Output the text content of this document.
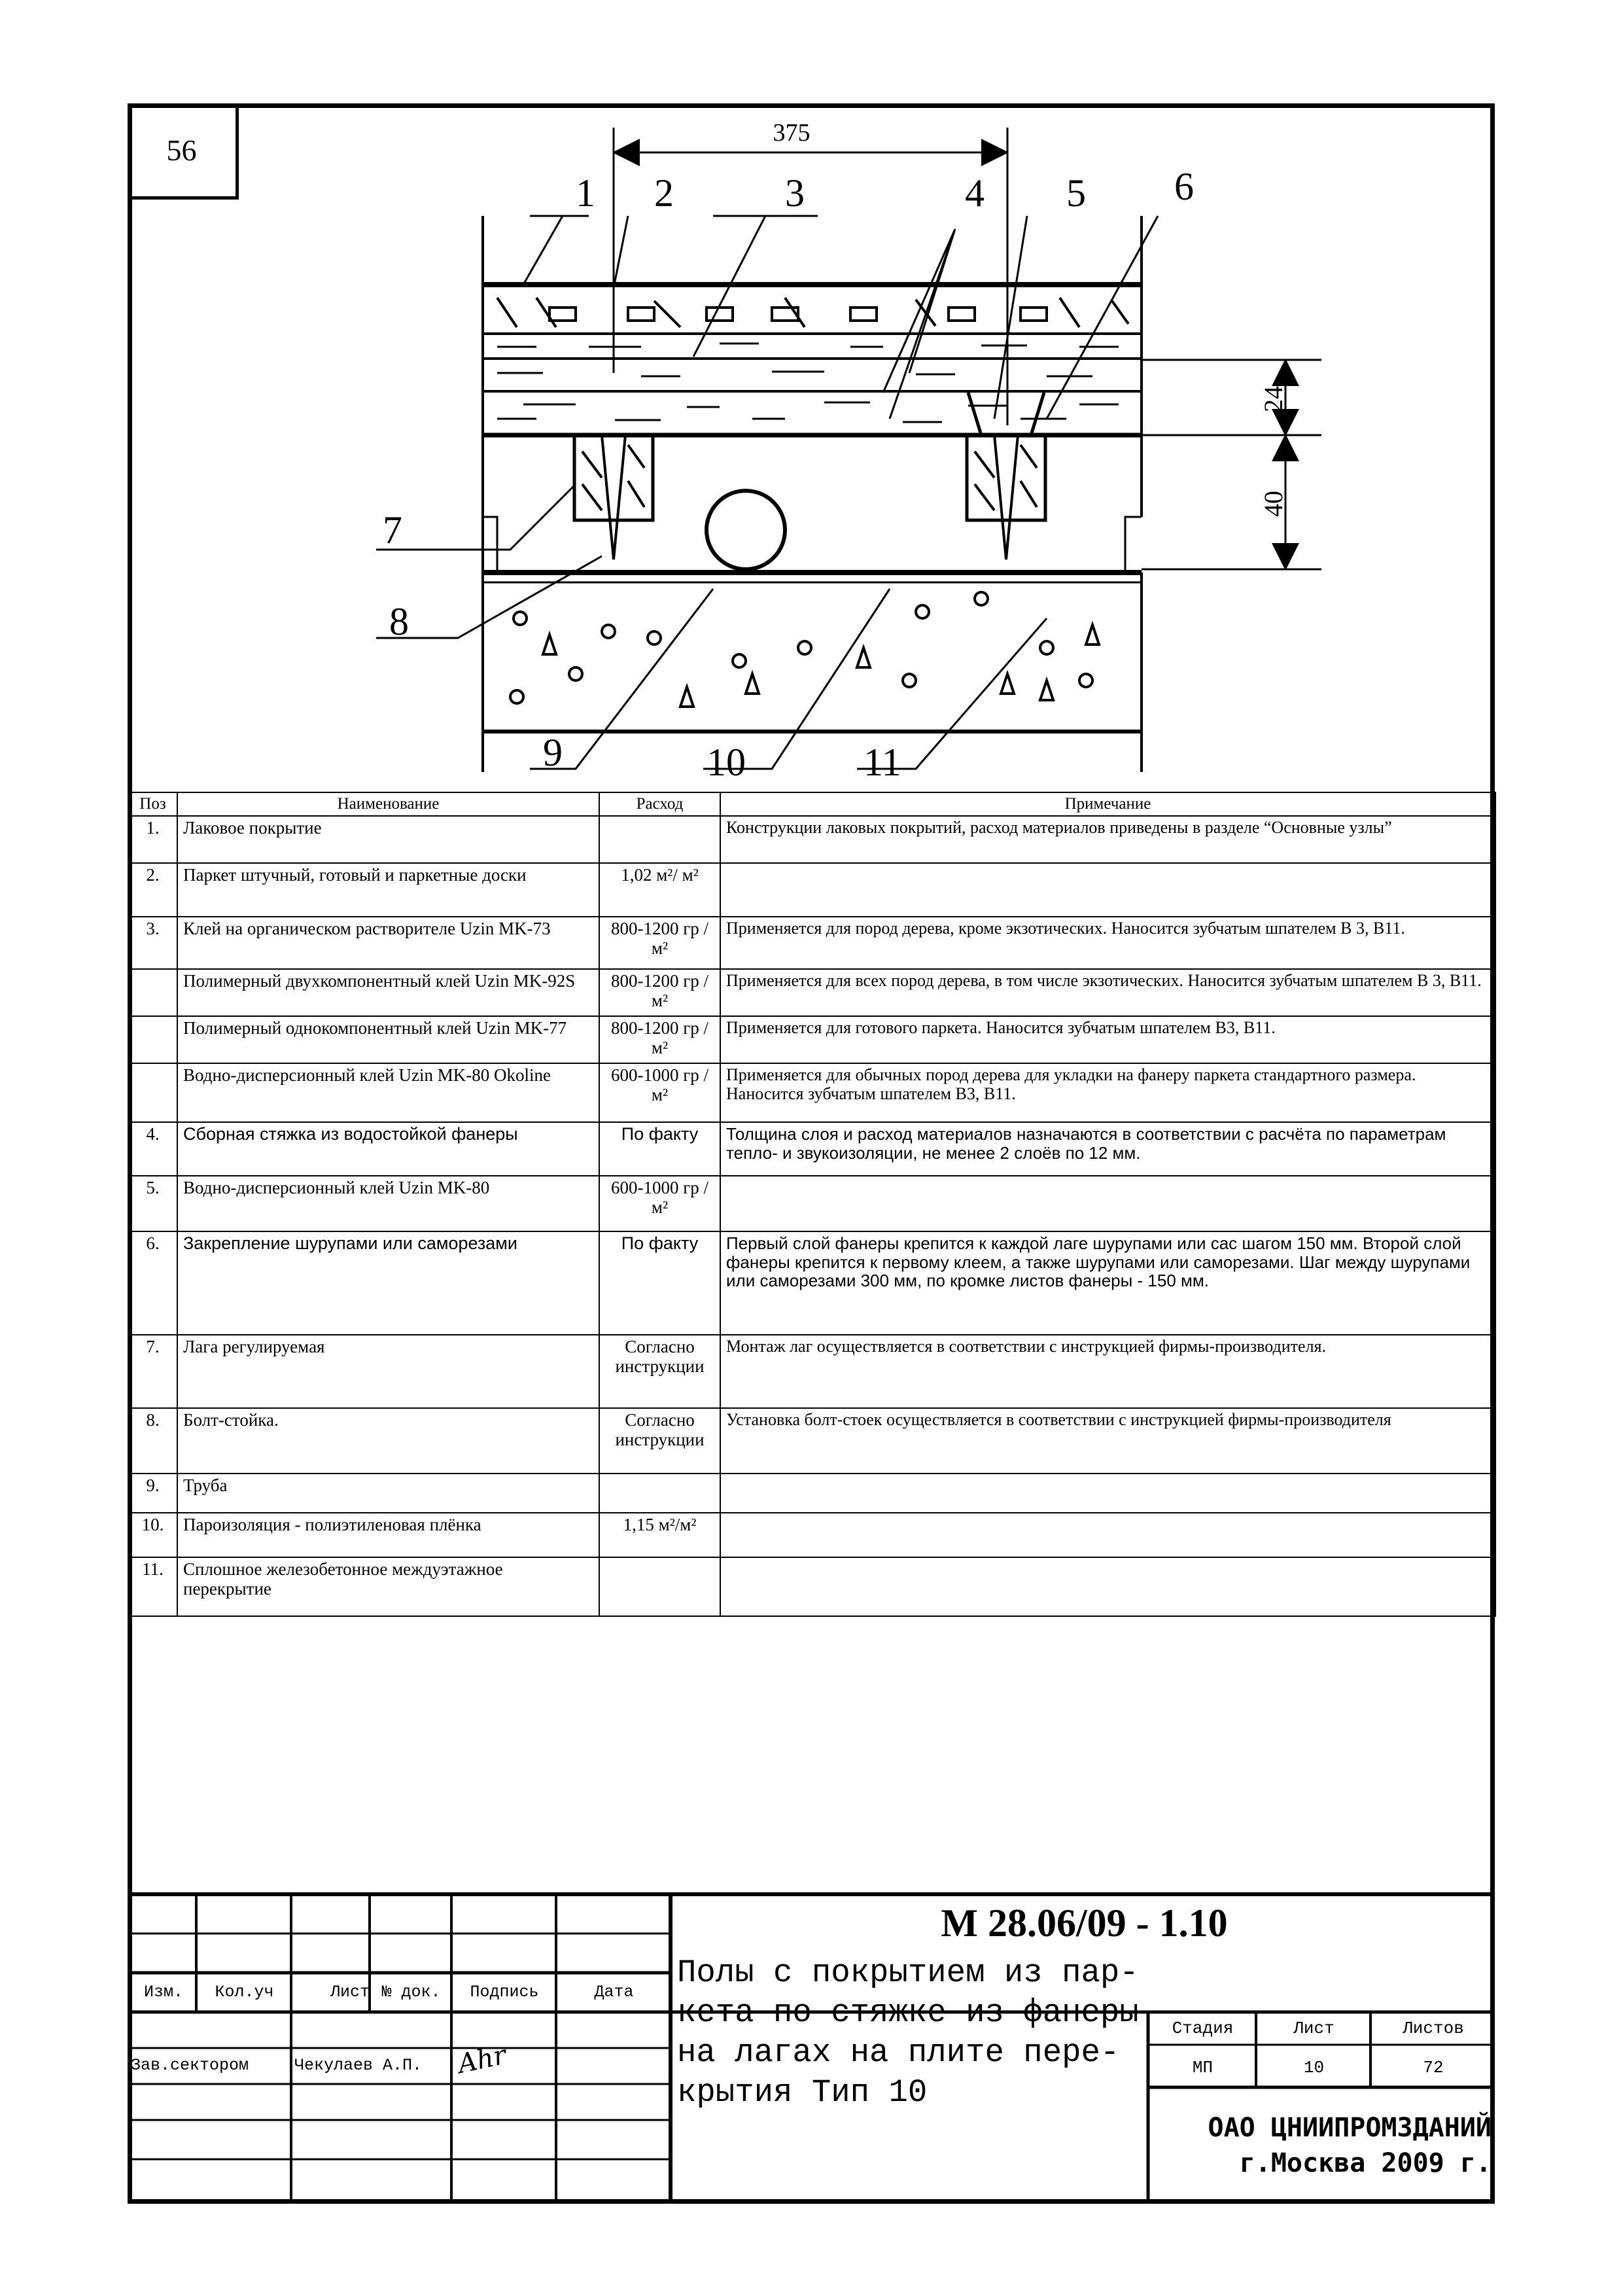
56
375
24
40
1 2	3	4 5 6
7
8
9	10	11
Поз	Наименование	Расход	Примечание
1.	Лаковое покрытие		Конструкции лаковых покрытий, расход материалов приведены в разделе “Основные узлы”
2.	Паркет штучный, готовый и паркетные доски	1,02 м²/ м²	
3.	Клей на органическом растворителе Uzin MK-73	800-1200 гр / м²	Применяется для пород дерева, кроме экзотических. Наносится зубчатым шпателем В 3, В11.
	Полимерный двухкомпонентный клей Uzin MK-92S	800-1200 гр / м²	Применяется для всех пород дерева, в том числе экзотических. Наносится зубчатым шпателем В 3, В11.
	Полимерный однокомпонентный клей Uzin MK-77	800-1200 гр / м²	Применяется для готового паркета. Наносится зубчатым шпателем В3, В11.
	Водно-дисперсионный клей Uzin MK-80 Okoline	600-1000 гр / м²	Применяется для обычных пород дерева для укладки на фанеру паркета стандартного размера. Наносится зубчатым шпателем В3, В11.
4.	Сборная стяжка из водостойкой фанеры	По факту	Толщина слоя и расход материалов назначаются в соответствии с расчёта по параметрам тепло- и звукоизоляции, не менее 2 слоёв по 12 мм.
5.	Водно-дисперсионный клей Uzin MK-80	600-1000 гр / м²	
6.	Закрепление шурупами или саморезами	По факту	Первый слой фанеры крепится к каждой лаге шурупами или сас шагом 150 мм. Второй слой фанеры крепится к первому клеем, а также шурупами или саморезами. Шаг между шурупами или саморезами 300 мм, по кромке листов фанеры - 150 мм.
7.	Лага регулируемая	Согласно инструкции	Монтаж лаг осуществляется в соответствии с инструкцией фирмы-производителя.
8.	Болт-стойка.	Согласно инструкции	Установка болт-стоек осуществляется в соответствии с инструкцией фирмы-производителя
9.	Труба		
10.	Пароизоляция - полиэтиленовая плёнка	1,15 м²/м²	
11.	Сплошное железобетонное междуэтажное перекрытие		
М 28.06/09 - 1.10
Изм.	Кол.уч	Лист № док.	Подпись	Дата
Зав.сектором	Чекулаев А.П.	Ahr
Стадия	Лист	Листов
МП	10	72
Полы с покрытием из пар-
кета по стяжке из фанеры
на лагах на плите пере-
крытия Тип 10
ОАО ЦНИИПРОМЗДАНИЙ
г.Москва 2009 г.
